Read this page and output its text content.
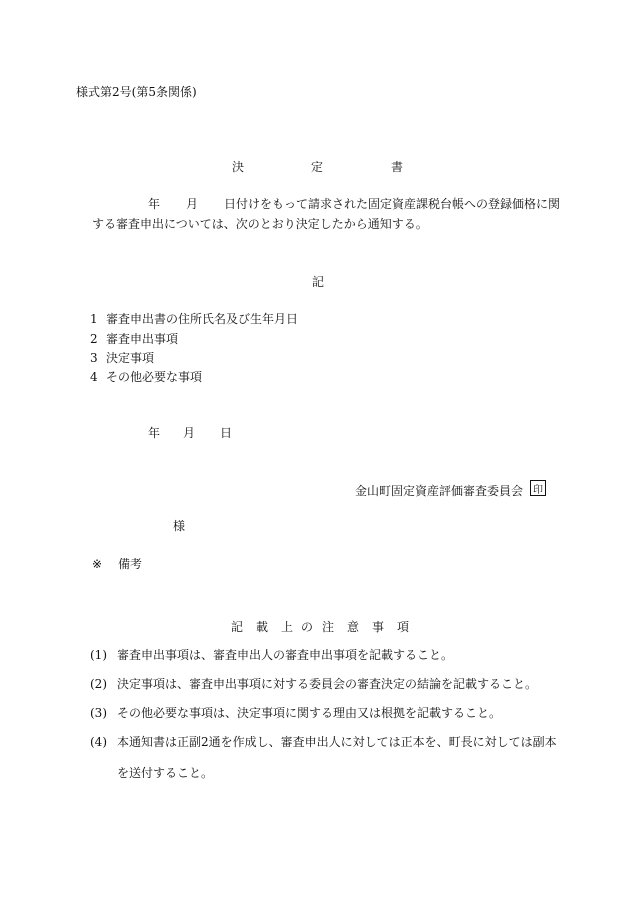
様式第2号(第5条関係)
決	定	書
年 月 日付けをもって請求された固定資産課税台帳への登録価格に関
する審査申出については、次のとおり決定したから通知する。
記
1 審査申出書の住所氏名及び生年月日
2 審査申出事項
3 決定事項
4 その他必要な事項
年 月 日
金山町固定資産評価審査委員会 印
様
※ 備考
記 載 上 の 注 意 事 項
(1) 審査申出事項は、審査申出人の審査申出事項を記載すること。
(2) 決定事項は、審査申出事項に対する委員会の審査決定の結論を記載すること。
(3) その他必要な事項は、決定事項に関する理由又は根拠を記載すること。
(4) 本通知書は正副2通を作成し、審査申出人に対しては正本を、町長に対しては副本
を送付すること。
